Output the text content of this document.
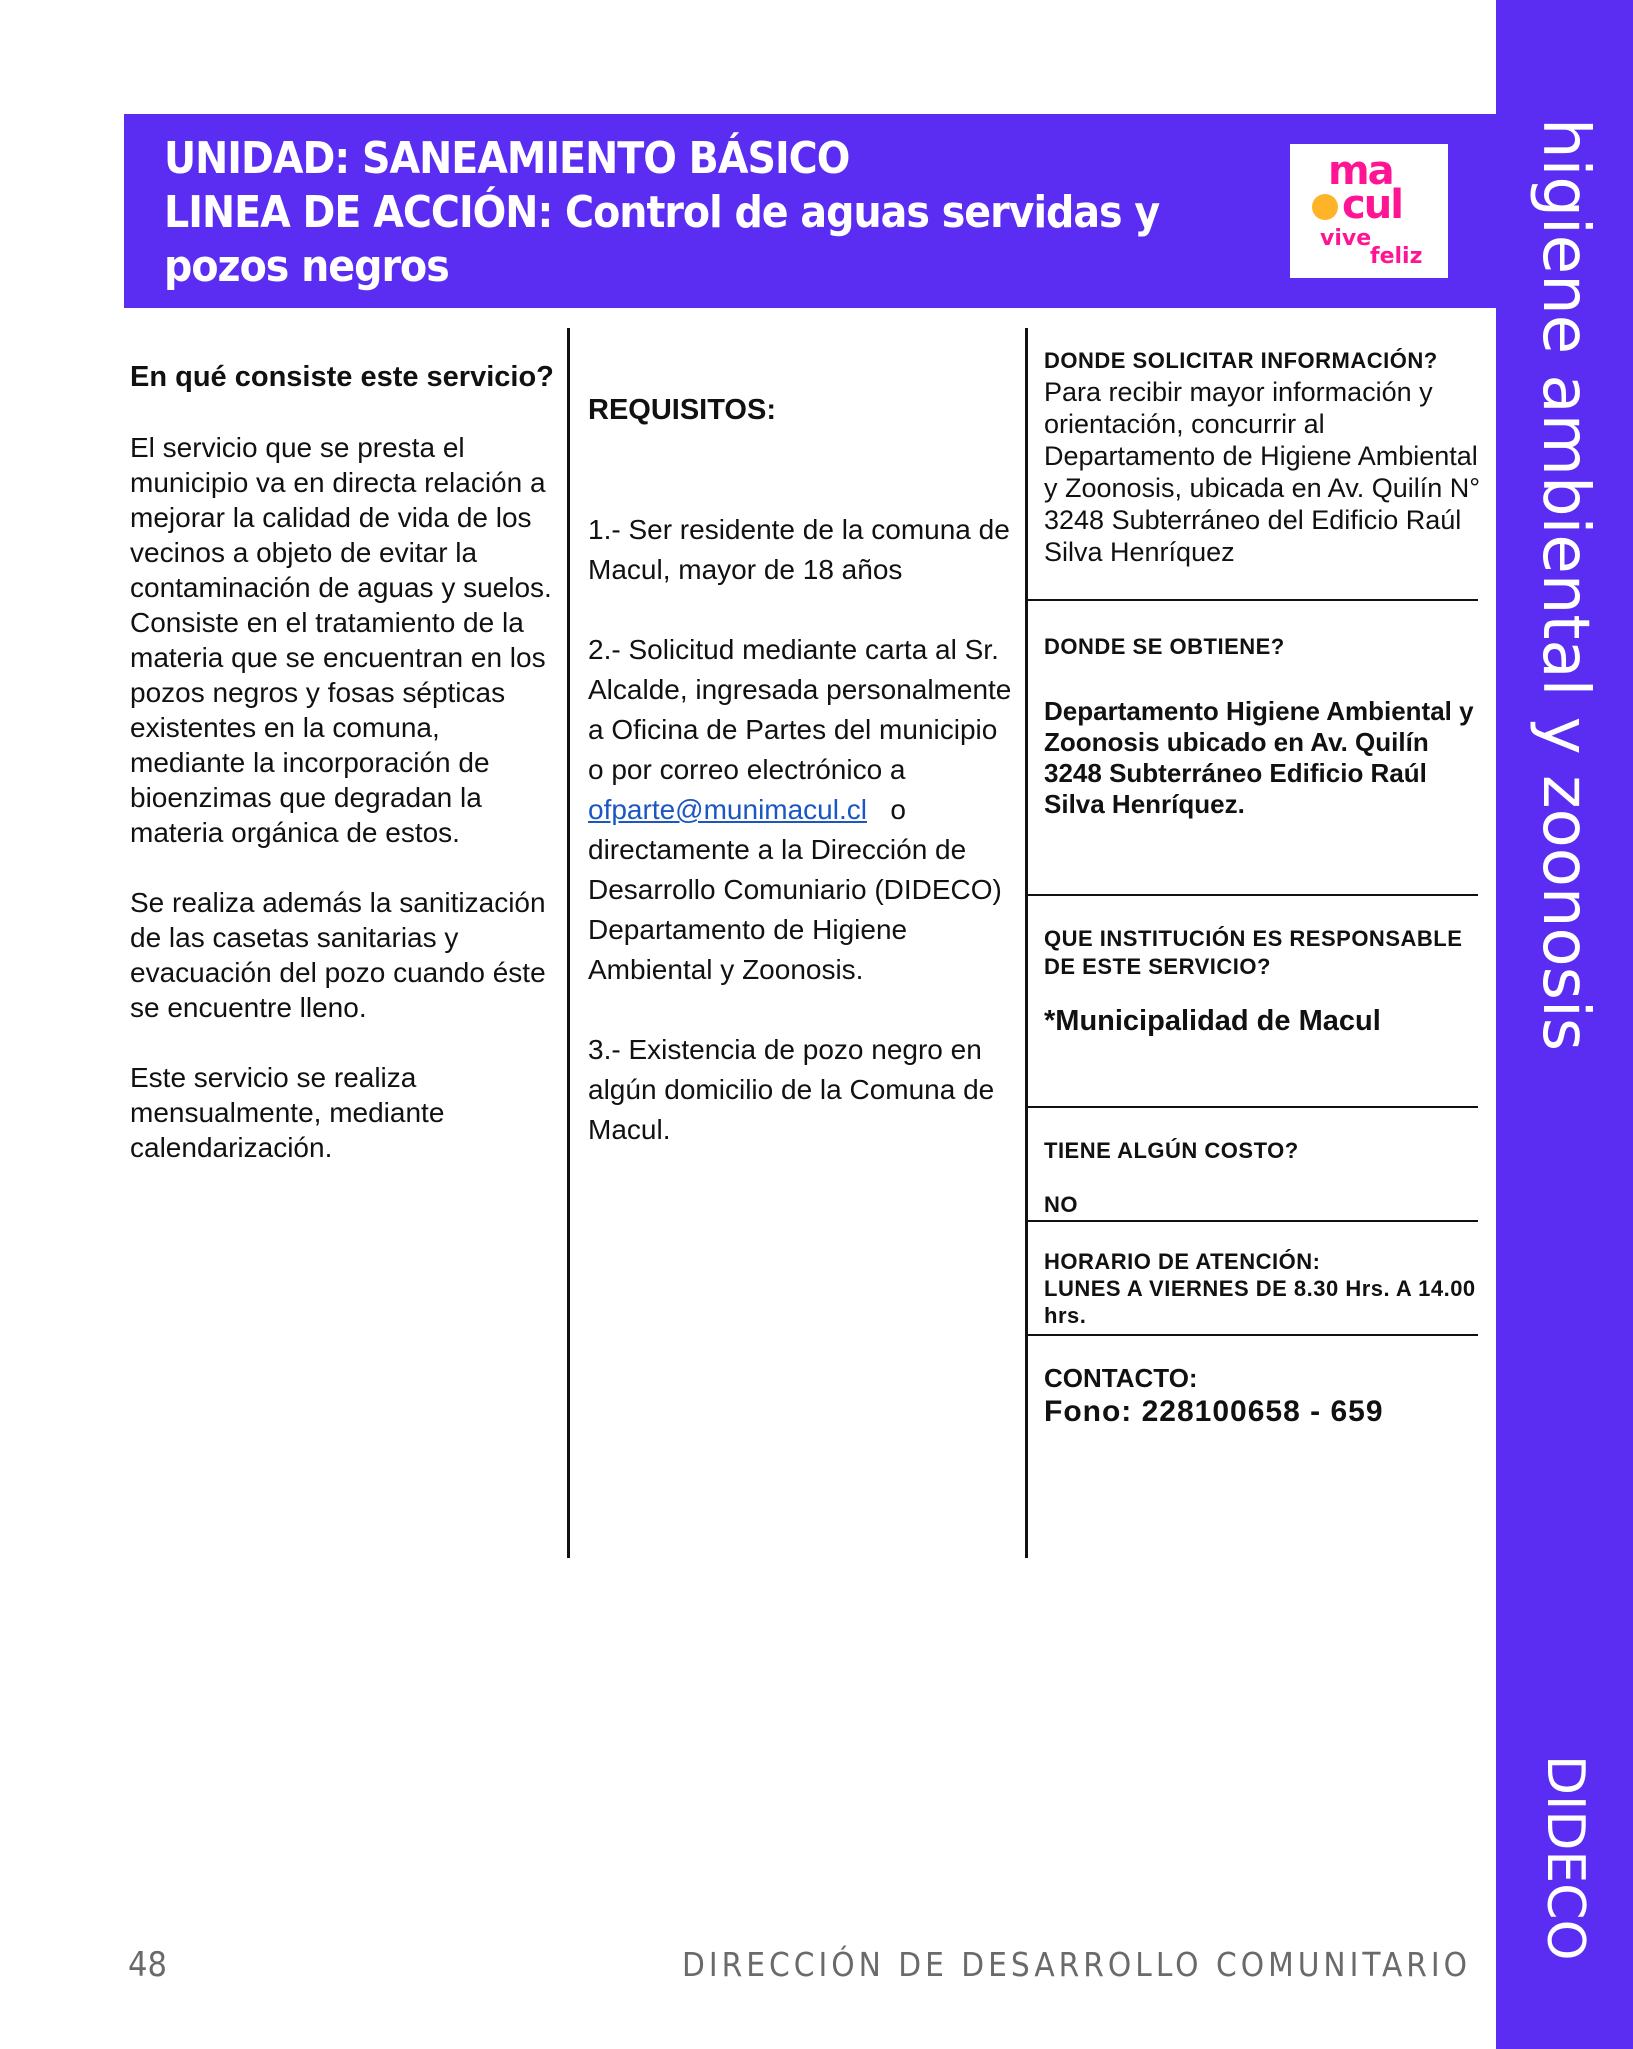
higiene ambiental y zoonosis
DIDECO
UNIDAD: SANEAMIENTO BÁSICO
LINEA DE ACCIÓN: Control de aguas servidas y pozos negros
ma
cul
vive
feliz

En qué consiste este servicio?

El servicio que se presta el municipio va en directa relación a mejorar la calidad de vida de los vecinos a objeto de evitar la contaminación de aguas y suelos. Consiste en el tratamiento de la materia que se encuentran en los pozos negros y fosas sépticas existentes en la comuna, mediante la incorporación de bioenzimas que degradan la materia orgánica de estos.

Se realiza además la sanitización de las casetas sanitarias y evacuación del pozo cuando éste se encuentre lleno.

Este servicio se realiza mensualmente, mediante calendarización.

REQUISITOS:

1.- Ser residente de la comuna de Macul, mayor de 18 años

2.- Solicitud mediante carta al Sr. Alcalde, ingresada personalmente a Oficina de Partes del municipio o por correo electrónico a ofparte@munimacul.cl o directamente a la Dirección de Desarrollo Comuniario (DIDECO) Departamento de Higiene Ambiental y Zoonosis.

3.- Existencia de pozo negro en algún domicilio de la Comuna de Macul.

DONDE SOLICITAR INFORMACIÓN?
Para recibir mayor información y orientación, concurrir al Departamento de Higiene Ambiental y Zoonosis, ubicada en Av. Quilín N° 3248 Subterráneo del Edificio Raúl Silva Henríquez
DONDE SE OBTIENE?
Departamento Higiene Ambiental y Zoonosis ubicado en Av. Quilín 3248 Subterráneo Edificio Raúl Silva Henríquez.
QUE INSTITUCIÓN ES RESPONSABLE DE ESTE SERVICIO?
*Municipalidad de Macul
TIENE ALGÚN COSTO?
NO
HORARIO DE ATENCIÓN:
LUNES A VIERNES DE 8.30 Hrs. A 14.00 hrs.
CONTACTO:
Fono: 228100658 - 659
48	DIRECCIÓN DE DESARROLLO COMUNITARIO
